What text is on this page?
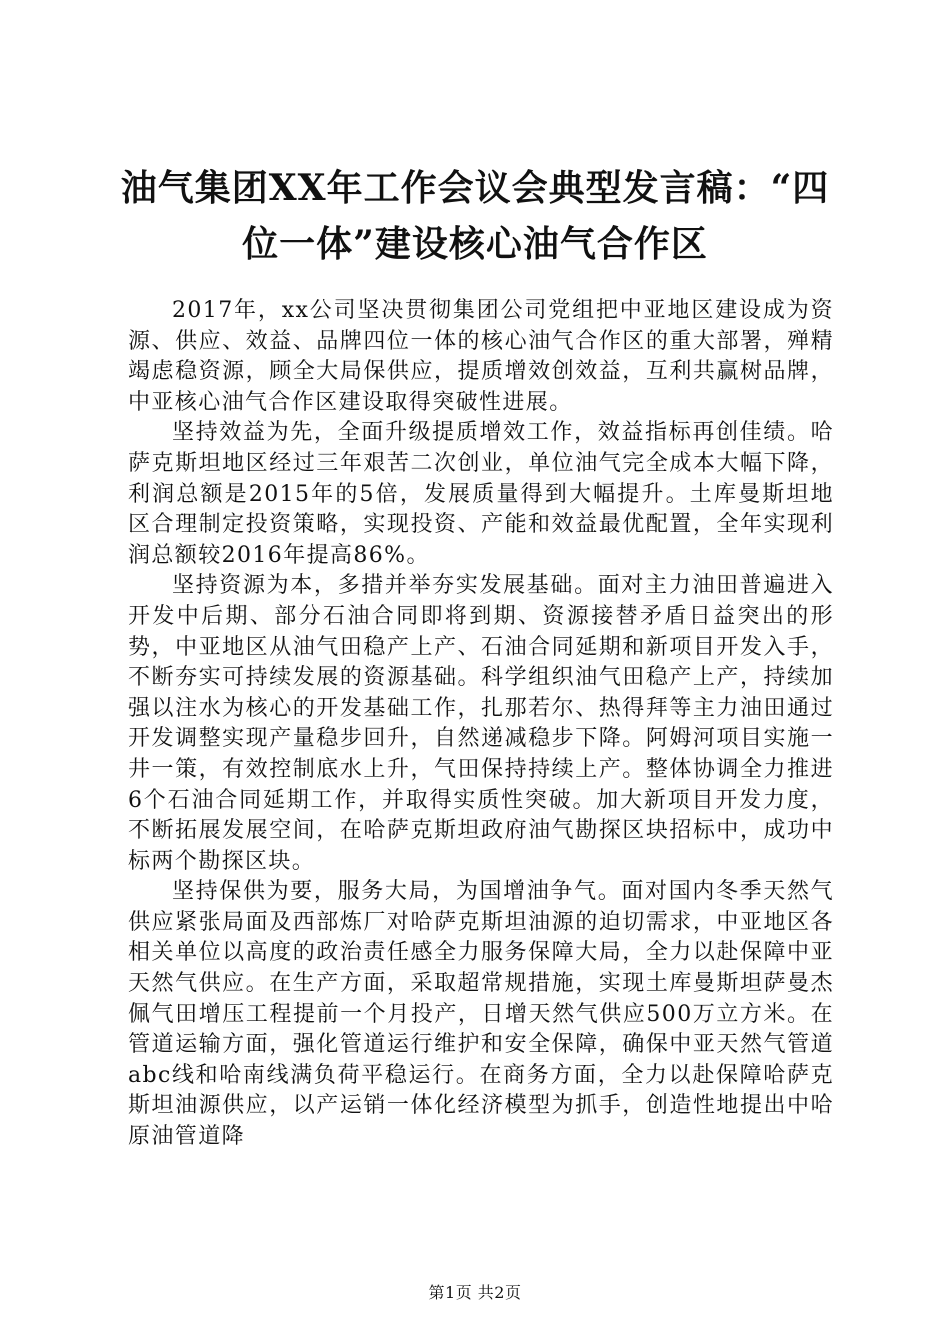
油气集团XX年工作会议会典型发言稿：“四位一体”建设核心油气合作区

2017年，xx公司坚决贯彻集团公司党组把中亚地区建设成为资源、供应、效益、品牌四位一体的核心油气合作区的重大部署，殚精竭虑稳资源，顾全大局保供应，提质增效创效益，互利共赢树品牌，中亚核心油气合作区建设取得突破性进展。

坚持效益为先，全面升级提质增效工作，效益指标再创佳绩。哈萨克斯坦地区经过三年艰苦二次创业，单位油气完全成本大幅下降，利润总额是2015年的5倍，发展质量得到大幅提升。土库曼斯坦地区合理制定投资策略，实现投资、产能和效益最优配置，全年实现利润总额较2016年提高86%。

坚持资源为本，多措并举夯实发展基础。面对主力油田普遍进入开发中后期、部分石油合同即将到期、资源接替矛盾日益突出的形势，中亚地区从油气田稳产上产、石油合同延期和新项目开发入手，不断夯实可持续发展的资源基础。科学组织油气田稳产上产，持续加强以注水为核心的开发基础工作，扎那若尔、热得拜等主力油田通过开发调整实现产量稳步回升，自然递减稳步下降。阿姆河项目实施一井一策，有效控制底水上升，气田保持持续上产。整体协调全力推进6个石油合同延期工作，并取得实质性突破。加大新项目开发力度，不断拓展发展空间，在哈萨克斯坦政府油气勘探区块招标中，成功中标两个勘探区块。

坚持保供为要，服务大局，为国增油争气。面对国内冬季天然气供应紧张局面及西部炼厂对哈萨克斯坦油源的迫切需求，中亚地区各相关单位以高度的政治责任感全力服务保障大局，全力以赴保障中亚天然气供应。在生产方面，采取超常规措施，实现土库曼斯坦萨曼杰佩气田增压工程提前一个月投产，日增天然气供应500万立方米。在管道运输方面，强化管道运行维护和安全保障，确保中亚天然气管道abc线和哈南线满负荷平稳运行。在商务方面，全力以赴保障哈萨克斯坦油源供应，以产运销一体化经济模型为抓手，创造性地提出中哈原油管道降

第1页 共2页
